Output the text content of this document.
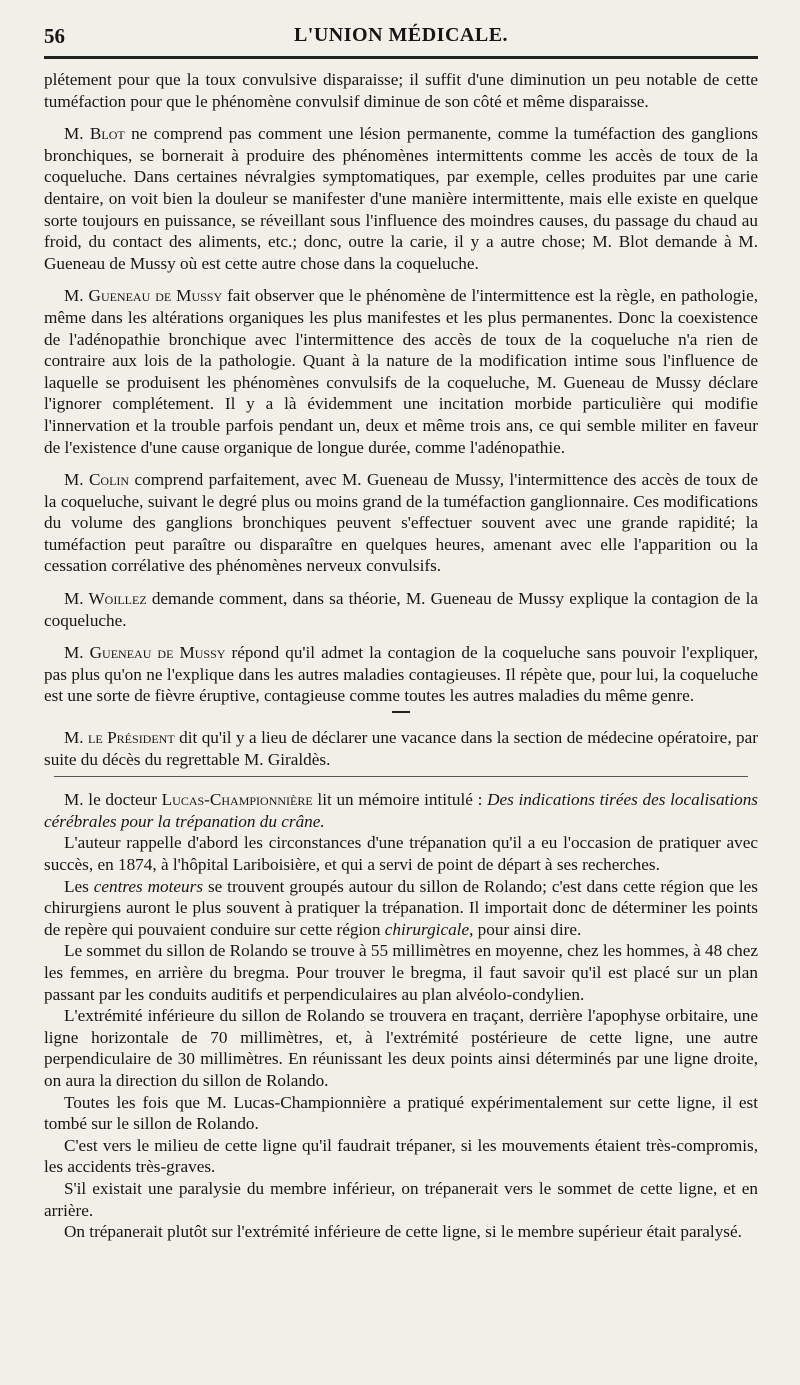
56	L'UNION MÉDICALE.

plétement pour que la toux convulsive disparaisse; il suffit d'une diminution un peu notable de cette tuméfaction pour que le phénomène convulsif diminue de son côté et même disparaisse.

M. Blot ne comprend pas comment une lésion permanente, comme la tuméfaction des ganglions bronchiques, se bornerait à produire des phénomènes intermittents comme les accès de toux de la coqueluche. Dans certaines névralgies symptomatiques, par exemple, celles produites par une carie dentaire, on voit bien la douleur se manifester d'une manière intermittente, mais elle existe en quelque sorte toujours en puissance, se réveillant sous l'influence des moindres causes, du passage du chaud au froid, du contact des aliments, etc.; donc, outre la carie, il y a autre chose; M. Blot demande à M. Gueneau de Mussy où est cette autre chose dans la coqueluche.

M. Gueneau de Mussy fait observer que le phénomène de l'intermittence est la règle, en pathologie, même dans les altérations organiques les plus manifestes et les plus permanentes. Donc la coexistence de l'adénopathie bronchique avec l'intermittence des accès de toux de la coqueluche n'a rien de contraire aux lois de la pathologie. Quant à la nature de la modification intime sous l'influence de laquelle se produisent les phénomènes convulsifs de la coqueluche, M. Gueneau de Mussy déclare l'ignorer complétement. Il y a là évidemment une incitation morbide particulière qui modifie l'innervation et la trouble parfois pendant un, deux et même trois ans, ce qui semble militer en faveur de l'existence d'une cause organique de longue durée, comme l'adénopathie.

M. Colin comprend parfaitement, avec M. Gueneau de Mussy, l'intermittence des accès de toux de la coqueluche, suivant le degré plus ou moins grand de la tuméfaction ganglionnaire. Ces modifications du volume des ganglions bronchiques peuvent s'effectuer souvent avec une grande rapidité; la tuméfaction peut paraître ou disparaître en quelques heures, amenant avec elle l'apparition ou la cessation corrélative des phénomènes nerveux convulsifs.

M. Woillez demande comment, dans sa théorie, M. Gueneau de Mussy explique la contagion de la coqueluche.

M. Gueneau de Mussy répond qu'il admet la contagion de la coqueluche sans pouvoir l'expliquer, pas plus qu'on ne l'explique dans les autres maladies contagieuses. Il répète que, pour lui, la coqueluche est une sorte de fièvre éruptive, contagieuse comme toutes les autres maladies du même genre.

M. le Président dit qu'il y a lieu de déclarer une vacance dans la section de médecine opératoire, par suite du décès du regrettable M. Giraldès.

M. le docteur Lucas-Championnière lit un mémoire intitulé : Des indications tirées des localisations cérébrales pour la trépanation du crâne.

L'auteur rappelle d'abord les circonstances d'une trépanation qu'il a eu l'occasion de pratiquer avec succès, en 1874, à l'hôpital Lariboisière, et qui a servi de point de départ à ses recherches.

Les centres moteurs se trouvent groupés autour du sillon de Rolando; c'est dans cette région que les chirurgiens auront le plus souvent à pratiquer la trépanation. Il importait donc de déterminer les points de repère qui pouvaient conduire sur cette région chirurgicale, pour ainsi dire.

Le sommet du sillon de Rolando se trouve à 55 millimètres en moyenne, chez les hommes, à 48 chez les femmes, en arrière du bregma. Pour trouver le bregma, il faut savoir qu'il est placé sur un plan passant par les conduits auditifs et perpendiculaires au plan alvéolo-condylien.

L'extrémité inférieure du sillon de Rolando se trouvera en traçant, derrière l'apophyse orbitaire, une ligne horizontale de 70 millimètres, et, à l'extrémité postérieure de cette ligne, une autre perpendiculaire de 30 millimètres. En réunissant les deux points ainsi déterminés par une ligne droite, on aura la direction du sillon de Rolando.

Toutes les fois que M. Lucas-Championnière a pratiqué expérimentalement sur cette ligne, il est tombé sur le sillon de Rolando.

C'est vers le milieu de cette ligne qu'il faudrait trépaner, si les mouvements étaient très-compromis, les accidents très-graves.

S'il existait une paralysie du membre inférieur, on trépanerait vers le sommet de cette ligne, et en arrière.

On trépanerait plutôt sur l'extrémité inférieure de cette ligne, si le membre supérieur était paralysé.
